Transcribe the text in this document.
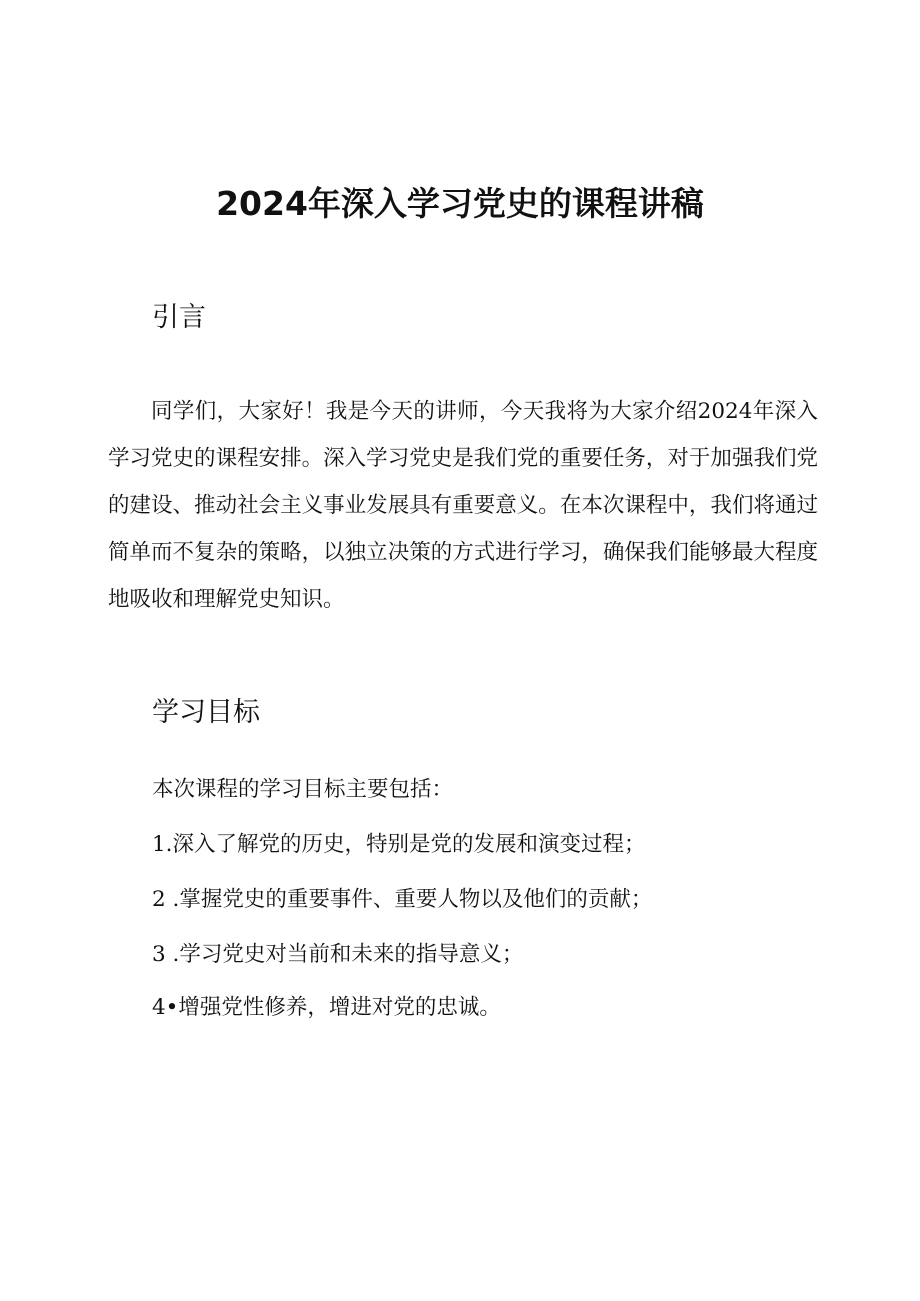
2024年深入学习党史的课程讲稿
引言

同学们，大家好！我是今天的讲师，今天我将为大家介绍2024年深入学习党史的课程安排。深入学习党史是我们党的重要任务，对于加强我们党的建设、推动社会主义事业发展具有重要意义。在本次课程中，我们将通过简单而不复杂的策略，以独立决策的方式进行学习，确保我们能够最大程度地吸收和理解党史知识。

学习目标

本次课程的学习目标主要包括：

1.深入了解党的历史，特别是党的发展和演变过程；

2 .掌握党史的重要事件、重要人物以及他们的贡献；

3 .学习党史对当前和未来的指导意义；

4•增强党性修养，增进对党的忠诚。
